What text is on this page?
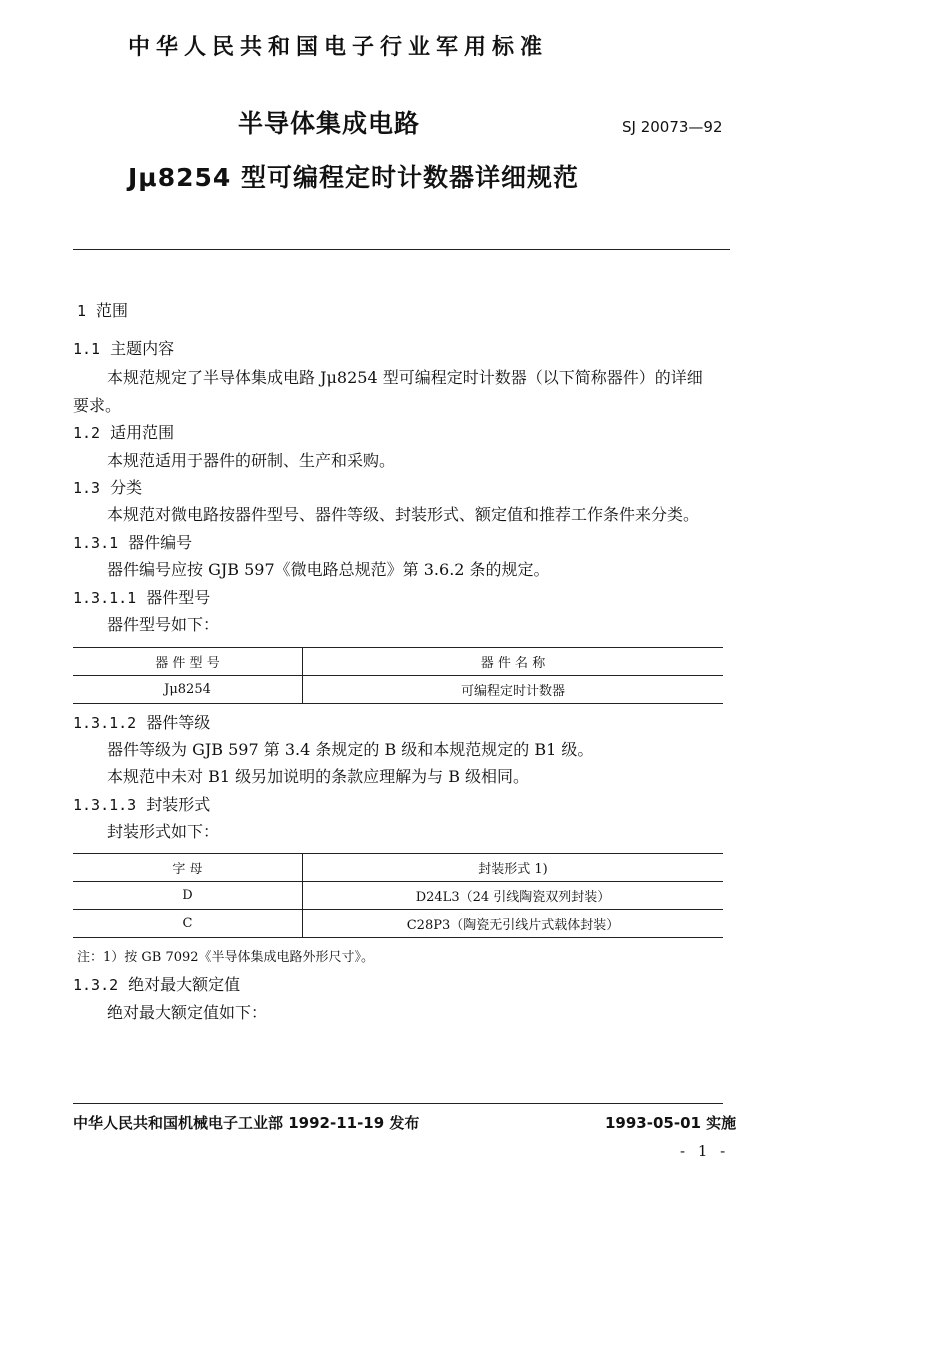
中华人民共和国电子行业军用标准
半导体集成电路	SJ 20073—92
Jμ8254 型可编程定时计数器详细规范
1 范围
1.1 主题内容
本规范规定了半导体集成电路 Jμ8254 型可编程定时计数器（以下简称器件）的详细
要求。
1.2 适用范围
本规范适用于器件的研制、生产和采购。
1.3 分类
本规范对微电路按器件型号、器件等级、封装形式、额定值和推荐工作条件来分类。
1.3.1 器件编号
器件编号应按 GJB 597《微电路总规范》第 3.6.2 条的规定。
1.3.1.1 器件型号
器件型号如下：
器 件 型 号	器 件 名 称
Jμ8254	可编程定时计数器
1.3.1.2 器件等级
器件等级为 GJB 597 第 3.4 条规定的 B 级和本规范规定的 B1 级。
本规范中未对 B1 级另加说明的条款应理解为与 B 级相同。
1.3.1.3 封装形式
封装形式如下：
字 母	封装形式 1)
D	D24L3（24 引线陶瓷双列封装）
C	C28P3（陶瓷无引线片式载体封装）
注：1）按 GB 7092《半导体集成电路外形尺寸》。
1.3.2 绝对最大额定值
绝对最大额定值如下：
中华人民共和国机械电子工业部 1992-11-19 发布	1993-05-01 实施
- 1 -
